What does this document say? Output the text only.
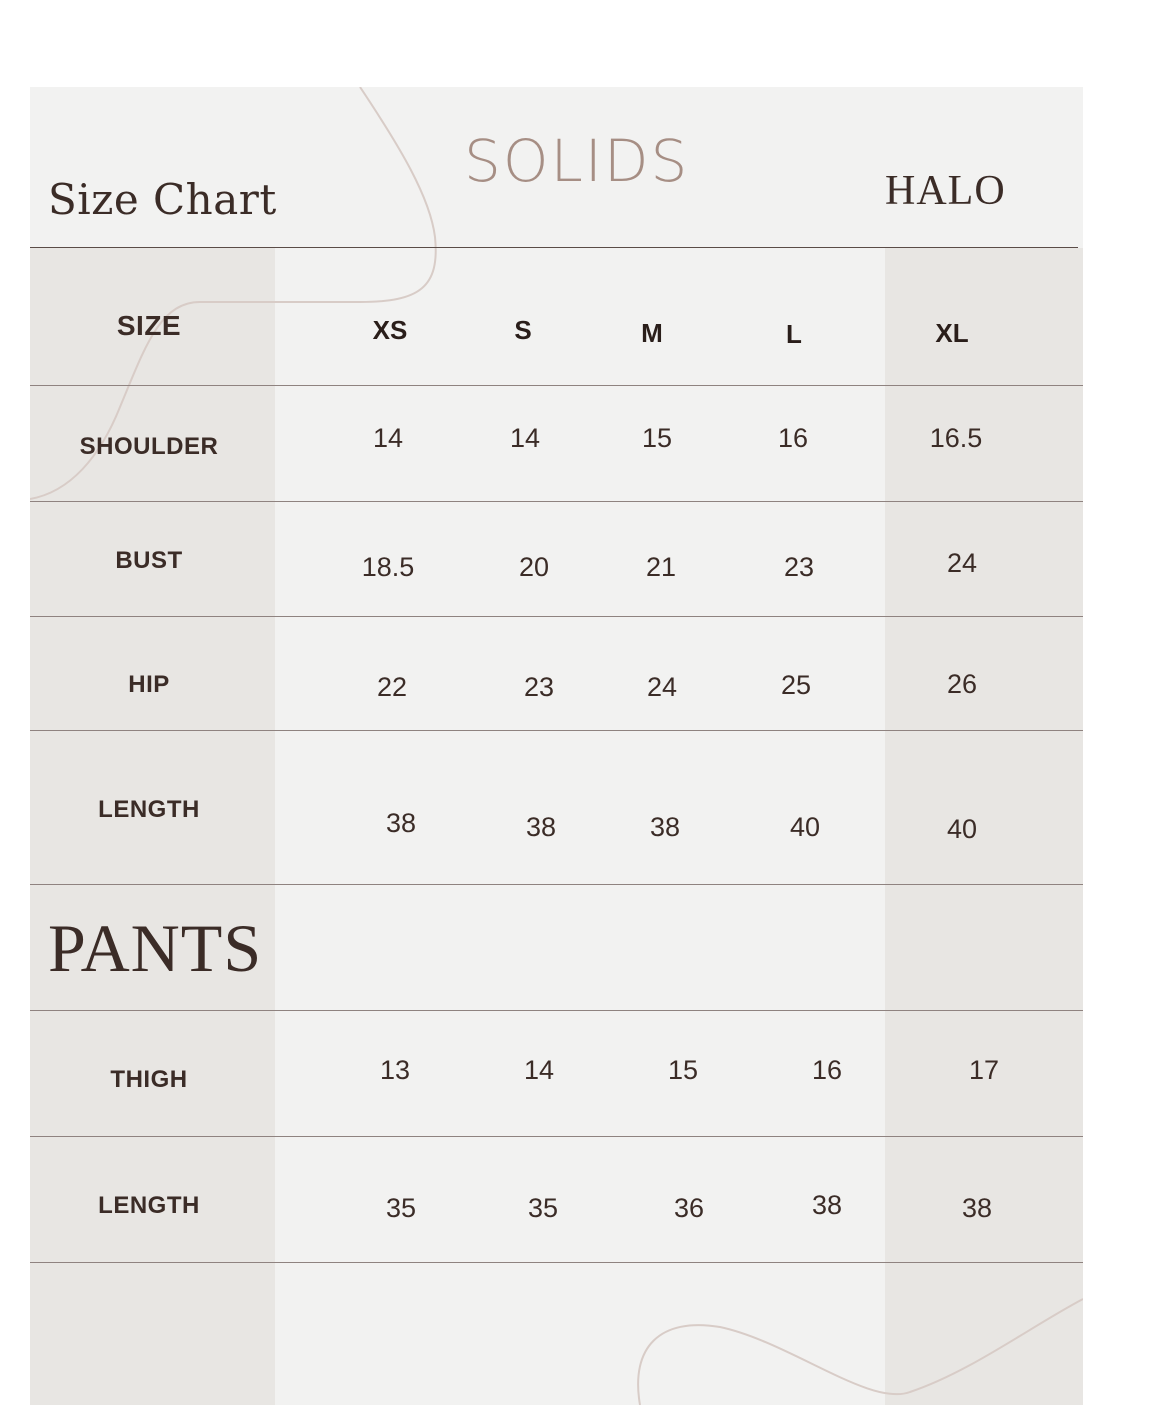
Size Chart
SOLIDS	HALO
SIZE	XS	S	M	L	XL
SHOULDER	14	14	15	16	16.5
BUST	18.5	20	21	23	24
HIP	22	23	24	25	26
LENGTH	38	38	38	40	40
PANTS
THIGH	13	14	15	16	17
LENGTH	35	35	36	38	38
